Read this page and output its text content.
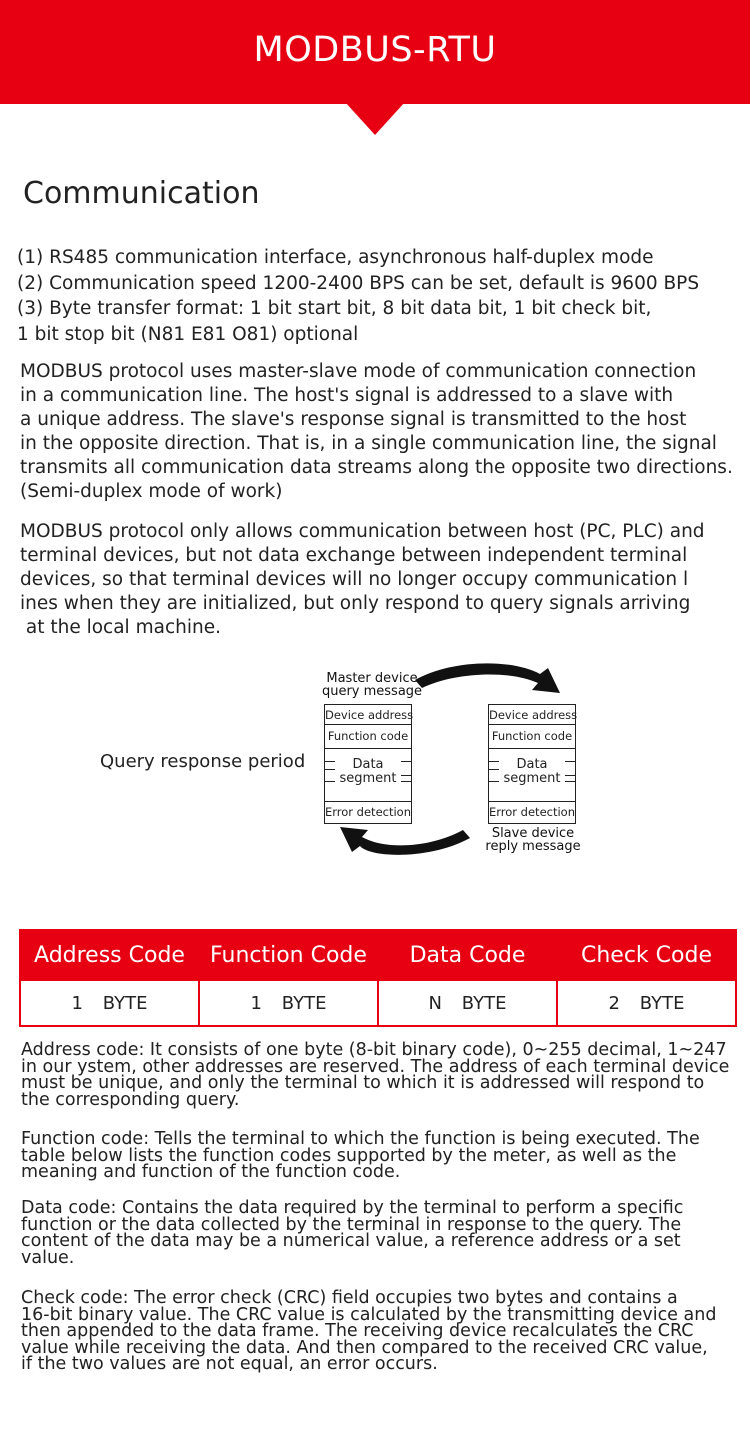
MODBUS-RTU
Communication
(1) RS485 communication interface, asynchronous half-duplex mode
(2) Communication speed 1200-2400 BPS can be set, default is 9600 BPS
(3) Byte transfer format: 1 bit start bit, 8 bit data bit, 1 bit check bit,
1 bit stop bit (N81 E81 O81) optional
MODBUS protocol uses master-slave mode of communication connection
in a communication line. The host's signal is addressed to a slave with
a unique address. The slave's response signal is transmitted to the host
in the opposite direction. That is, in a single communication line, the signal
transmits all communication data streams along the opposite two directions.
(Semi-duplex mode of work)
MODBUS protocol only allows communication between host (PC, PLC) and
terminal devices, but not data exchange between independent terminal
devices, so that terminal devices will no longer occupy communication l
ines when they are initialized, but only respond to query signals arriving
at the local machine.
Query response period
Master device
query message
Slave device
reply message
Device address
Function code
Data
segment
Error detection
Device address
Function code
Data
segment
Error detection
Address Code	Function Code	Data Code	Check Code
1 BYTE	1 BYTE	N BYTE	2 BYTE
Address code: It consists of one byte (8-bit binary code), 0~255 decimal, 1~247
in our ystem, other addresses are reserved. The address of each terminal device
must be unique, and only the terminal to which it is addressed will respond to
the corresponding query.
Function code: Tells the terminal to which the function is being executed. The
table below lists the function codes supported by the meter, as well as the
meaning and function of the function code.
Data code: Contains the data required by the terminal to perform a specific
function or the data collected by the terminal in response to the query. The
content of the data may be a numerical value, a reference address or a set
value.
Check code: The error check (CRC) field occupies two bytes and contains a
16-bit binary value. The CRC value is calculated by the transmitting device and
then appended to the data frame. The receiving device recalculates the CRC
value while receiving the data. And then compared to the received CRC value,
if the two values are not equal, an error occurs.
